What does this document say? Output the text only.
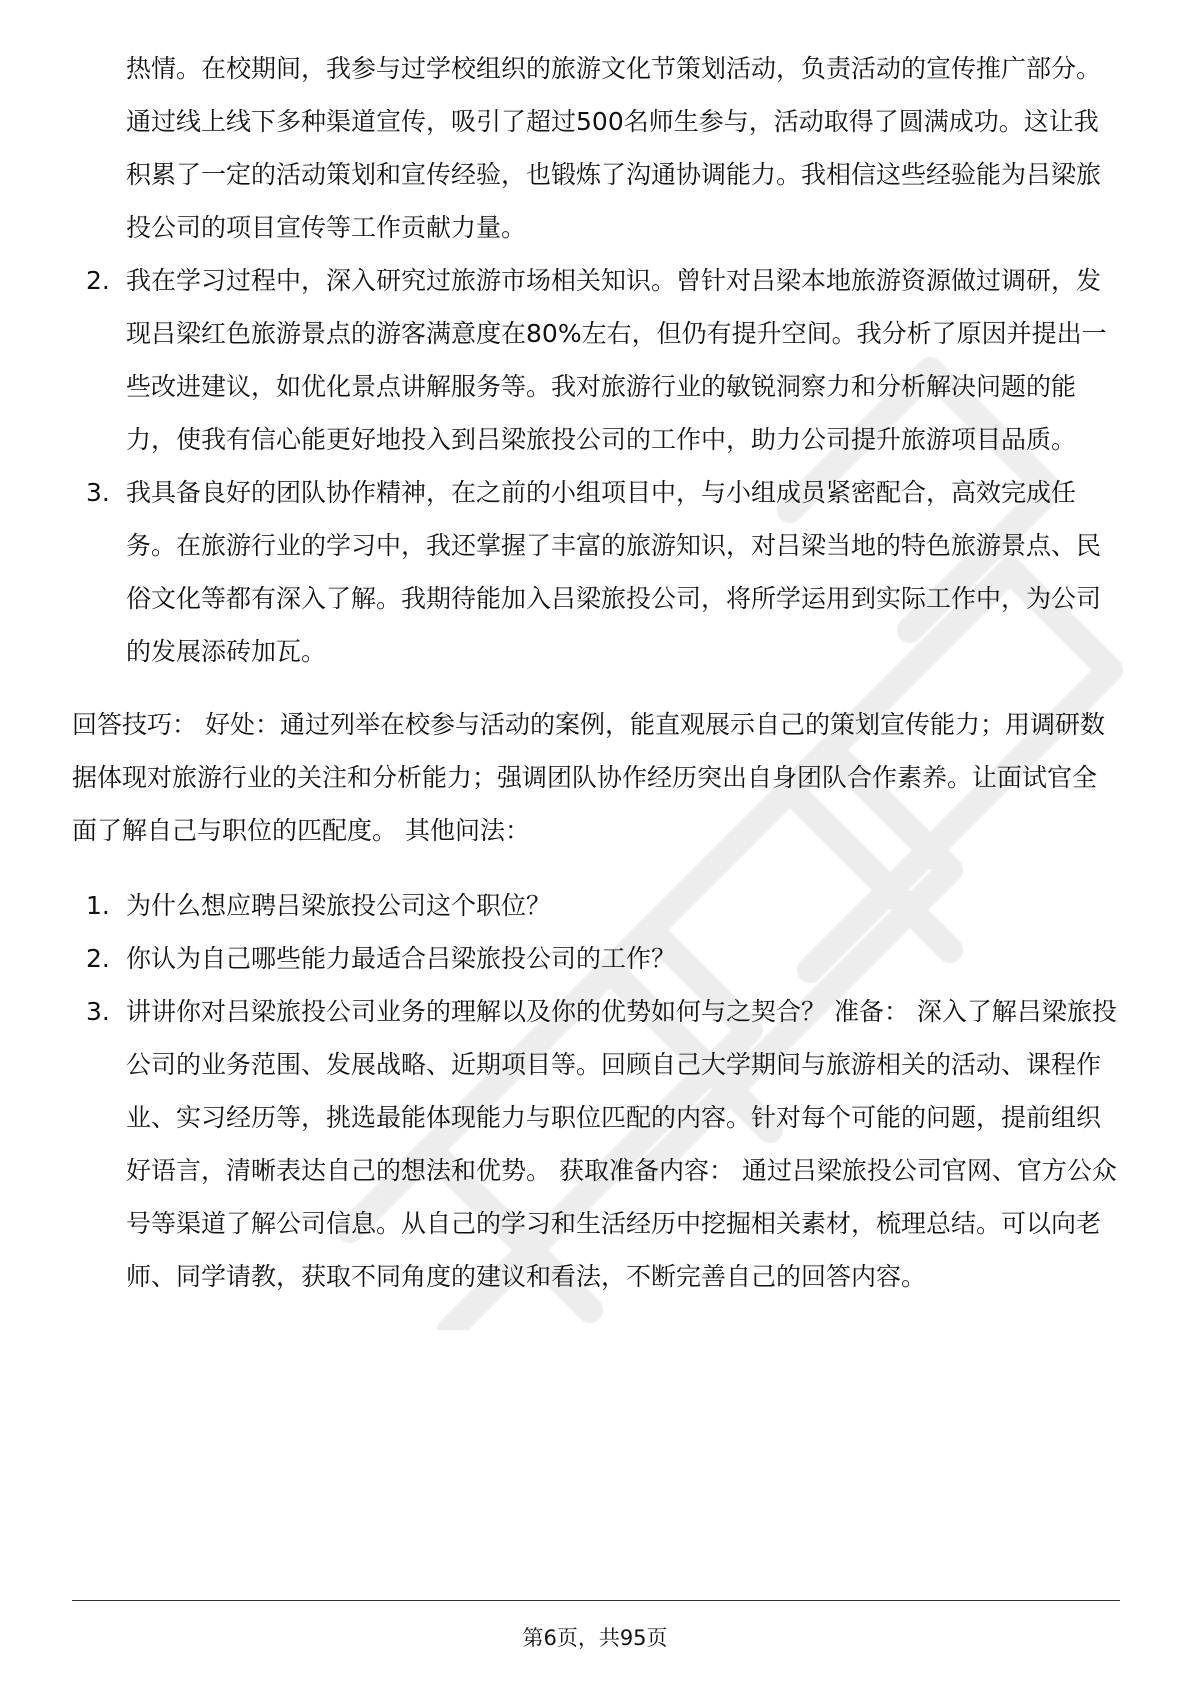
热情。在校期间，我参与过学校组织的旅游文化节策划活动，负责活动的宣传推广部分。通过线上线下多种渠道宣传，吸引了超过500名师生参与，活动取得了圆满成功。这让我积累了一定的活动策划和宣传经验，也锻炼了沟通协调能力。我相信这些经验能为吕梁旅投公司的项目宣传等工作贡献力量。
2. 我在学习过程中，深入研究过旅游市场相关知识。曾针对吕梁本地旅游资源做过调研，发现吕梁红色旅游景点的游客满意度在80%左右，但仍有提升空间。我分析了原因并提出一些改进建议，如优化景点讲解服务等。我对旅游行业的敏锐洞察力和分析解决问题的能力，使我有信心能更好地投入到吕梁旅投公司的工作中，助力公司提升旅游项目品质。
3. 我具备良好的团队协作精神，在之前的小组项目中，与小组成员紧密配合，高效完成任务。在旅游行业的学习中，我还掌握了丰富的旅游知识，对吕梁当地的特色旅游景点、民俗文化等都有深入了解。我期待能加入吕梁旅投公司，将所学运用到实际工作中，为公司的发展添砖加瓦。

回答技巧： 好处：通过列举在校参与活动的案例，能直观展示自己的策划宣传能力；用调研数据体现对旅游行业的关注和分析能力；强调团队协作经历突出自身团队合作素养。让面试官全面了解自己与职位的匹配度。 其他问法：

1. 为什么想应聘吕梁旅投公司这个职位？
2. 你认为自己哪些能力最适合吕梁旅投公司的工作？
3. 讲讲你对吕梁旅投公司业务的理解以及你的优势如何与之契合？ 准备： 深入了解吕梁旅投公司的业务范围、发展战略、近期项目等。回顾自己大学期间与旅游相关的活动、课程作业、实习经历等，挑选最能体现能力与职位匹配的内容。针对每个可能的问题，提前组织好语言，清晰表达自己的想法和优势。 获取准备内容： 通过吕梁旅投公司官网、官方公众号等渠道了解公司信息。从自己的学习和生活经历中挖掘相关素材，梳理总结。可以向老师、同学请教，获取不同角度的建议和看法，不断完善自己的回答内容。
第6页，共95页
